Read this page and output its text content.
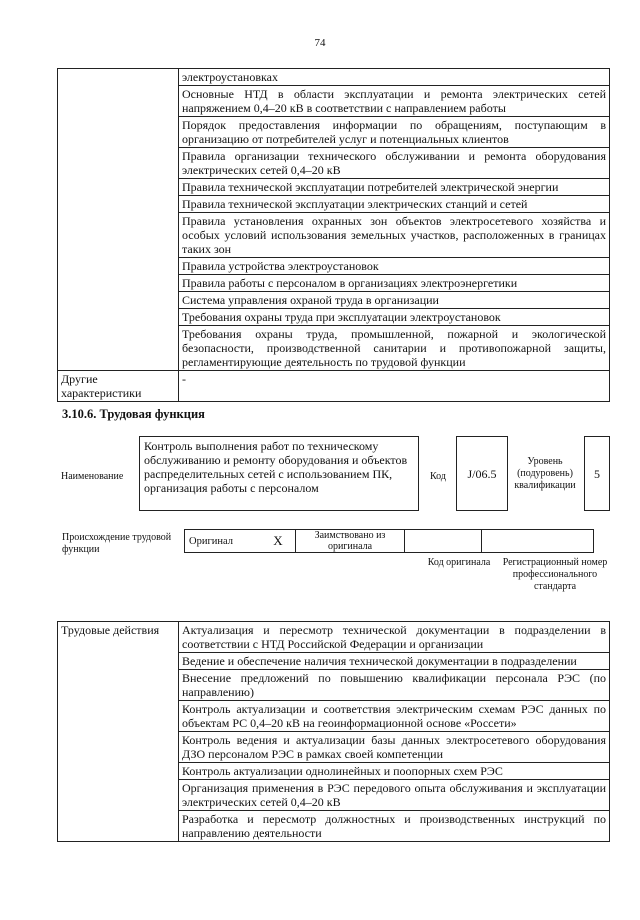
74
	электроустановках
	Основные НТД в области эксплуатации и ремонта электрических сетей напряжением 0,4–20 кВ в соответствии с направлением работы
	Порядок предоставления информации по обращениям, поступающим в организацию от потребителей услуг и потенциальных клиентов
	Правила организации технического обслуживании и ремонта оборудования электрических сетей 0,4–20 кВ
	Правила технической эксплуатации потребителей электрической энергии
	Правила технической эксплуатации электрических станций и сетей
	Правила установления охранных зон объектов электросетевого хозяйства и особых условий использования земельных участков, расположенных в границах таких зон
	Правила устройства электроустановок
	Правила работы с персоналом в организациях электроэнергетики
	Система управления охраной труда в организации
	Требования охраны труда при эксплуатации электроустановок
	Требования охраны труда, промышленной, пожарной и экологической безопасности, производственной санитарии и противопожарной защиты, регламентирующие деятельность по трудовой функции
Другие характеристики	-
3.10.6. Трудовая функция
Наименование
Контроль выполнения работ по техническому обслуживанию и ремонту оборудования и объектов распределительных сетей с использованием ПК, организация работы с персоналом
Код	J/06.5
Уровень (подуровень) квалификации
5
Происхождение трудовой функции
Оригинал	X	Заимствовано из оригинала		
Код оригинала	Регистрационный номер профессионального стандарта
Трудовые действия	Актуализация и пересмотр технической документации в подразделении в соответствии с НТД Российской Федерации и организации
Ведение и обеспечение наличия технической документации в подразделении
Внесение предложений по повышению квалификации персонала РЭС (по направлению)
Контроль актуализации и соответствия электрическим схемам РЭС данных по объектам РС 0,4–20 кВ на геоинформационной основе «Россети»
Контроль ведения и актуализации базы данных электросетевого оборудования ДЗО персоналом РЭС в рамках своей компетенции
Контроль актуализации однолинейных и поопорных схем РЭС
Организация применения в РЭС передового опыта обслуживания и эксплуатации электрических сетей 0,4–20 кВ
Разработка и пересмотр должностных и производственных инструкций по направлению деятельности
